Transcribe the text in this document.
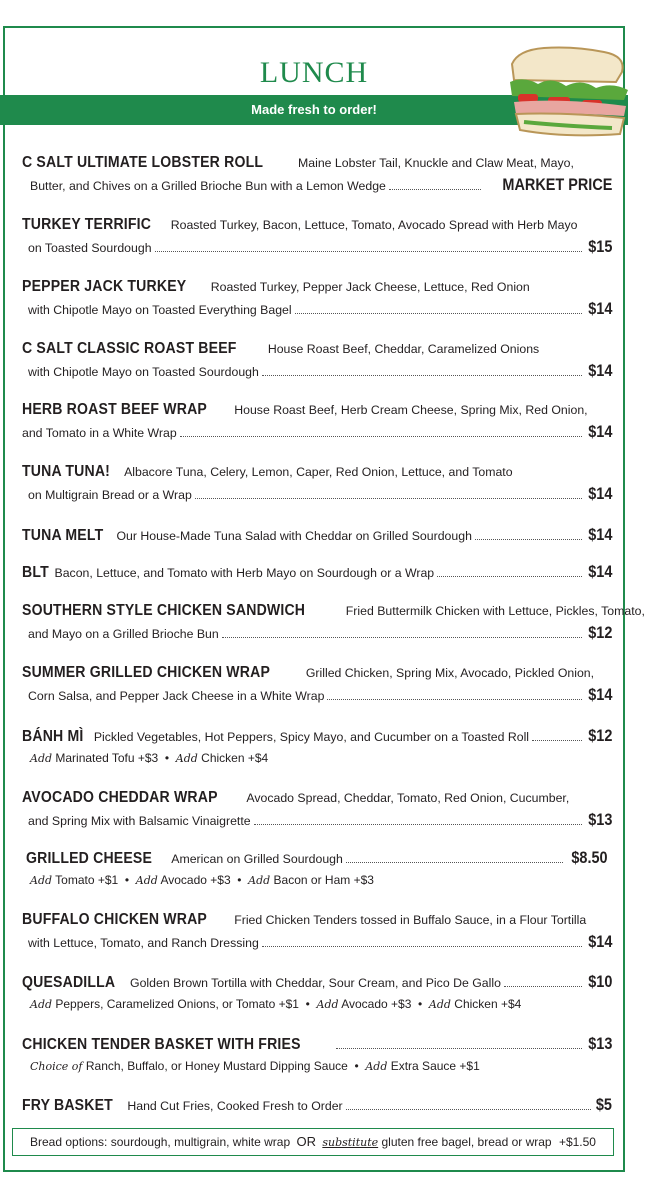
LUNCH
Made fresh to order!
C SALT ULTIMATE LOBSTER ROLL	Maine Lobster Tail, Knuckle and Claw Meat, Mayo,
Butter, and Chives on a Grilled Brioche Bun with a Lemon Wedge	MARKET PRICE
TURKEY TERRIFIC Roasted Turkey, Bacon, Lettuce, Tomato, Avocado Spread with Herb Mayo
on Toasted Sourdough	$15
PEPPER JACK TURKEY Roasted Turkey, Pepper Jack Cheese, Lettuce, Red Onion
with Chipotle Mayo on Toasted Everything Bagel	$14
C SALT CLASSIC ROAST BEEF	House Roast Beef, Cheddar, Caramelized Onions
with Chipotle Mayo on Toasted Sourdough	$14
HERB ROAST BEEF WRAP House Roast Beef, Herb Cream Cheese, Spring Mix, Red Onion,
and Tomato in a White Wrap	$14
TUNA TUNA! Albacore Tuna, Celery, Lemon, Caper, Red Onion, Lettuce, and Tomato
on Multigrain Bread or a Wrap	$14
TUNA MELT Our House-Made Tuna Salad with Cheddar on Grilled Sourdough	$14
BLT Bacon, Lettuce, and Tomato with Herb Mayo on Sourdough or a Wrap	$14
SOUTHERN STYLE CHICKEN SANDWICH	Fried Buttermilk Chicken with Lettuce, Pickles, Tomato,
and Mayo on a Grilled Brioche Bun	$12
SUMMER GRILLED CHICKEN WRAP	Grilled Chicken, Spring Mix, Avocado, Pickled Onion,
Corn Salsa, and Pepper Jack Cheese in a White Wrap	$14
BÁNH MÌ Pickled Vegetables, Hot Peppers, Spicy Mayo, and Cucumber on a Toasted Roll	$12
Add Marinated Tofu +$3  •  Add Chicken +$4
AVOCADO CHEDDAR WRAP Avocado Spread, Cheddar, Tomato, Red Onion, Cucumber,
and Spring Mix with Balsamic Vinaigrette	$13
GRILLED CHEESE American on Grilled Sourdough	$8.50
Add Tomato +$1  •  Add Avocado +$3  •  Add Bacon or Ham +$3
BUFFALO CHICKEN WRAP Fried Chicken Tenders tossed in Buffalo Sauce, in a Flour Tortilla
with Lettuce, Tomato, and Ranch Dressing	$14
QUESADILLA Golden Brown Tortilla with Cheddar, Sour Cream, and Pico De Gallo	$10
Add Peppers, Caramelized Onions, or Tomato +$1  •  Add Avocado +$3  •  Add Chicken +$4
CHICKEN TENDER BASKET WITH FRIES	$13
Choice of Ranch, Buffalo, or Honey Mustard Dipping Sauce  •  Add Extra Sauce +$1
FRY BASKET Hand Cut Fries, Cooked Fresh to Order	$5
Bread options: sourdough, multigrain, white wrap OR substitute gluten free bagel, bread or wrap +$1.50
